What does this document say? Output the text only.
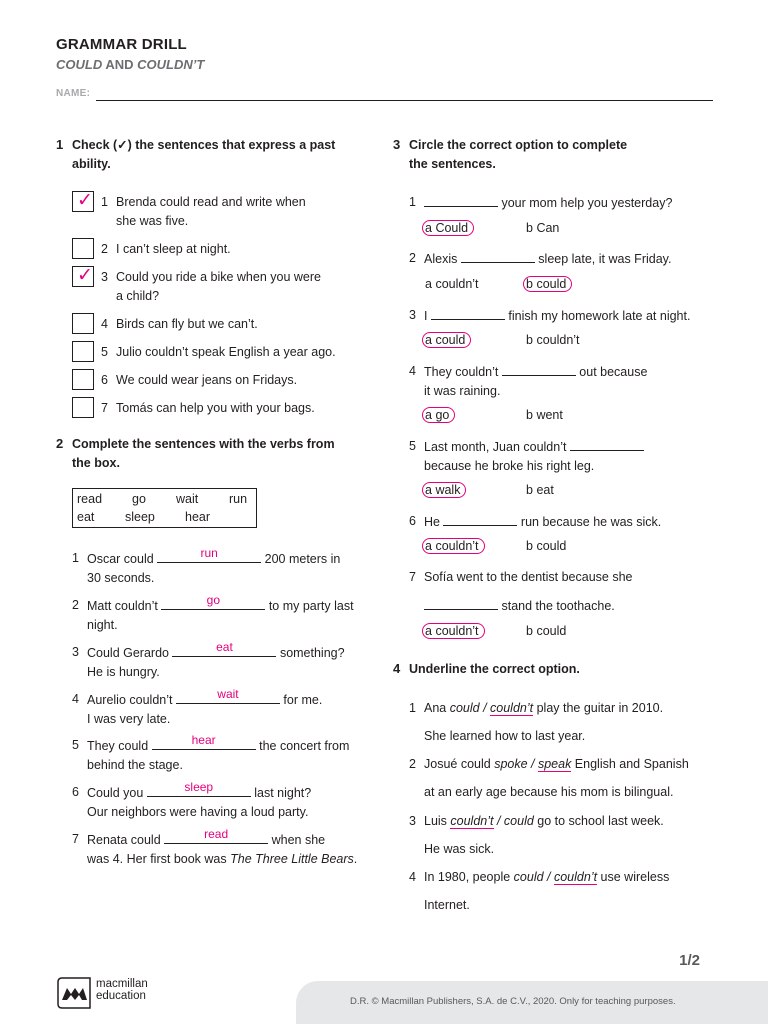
GRAMMAR DRILL
COULD AND COULDN’T
NAME:
1 Check (✓) the sentences that express a past
ability.
✓ 1 Brenda could read and write when
she was five.
2 I can’t sleep at night.
✓ 3 Could you ride a bike when you were
a child?
4 Birds can fly but we can’t.
5 Julio couldn’t speak English a year ago.
6 We could wear jeans on Fridays.
7 Tomás can help you with your bags.
2 Complete the sentences with the verbs from
the box.
read go wait run
eat sleep hear
1 Oscar could	run	200 meters in
30 seconds.
2 Matt couldn’t	go	to my party last
night.
3 Could Gerardo	eat	something?
He is hungry.
4 Aurelio couldn’t	wait	for me.
I was very late.
5 They could	hear	the concert from
behind the stage.
6 Could you	sleep	last night?
Our neighbors were having a loud party.
7 Renata could	read	when she
was 4. Her first book was The Three Little Bears.
3 Circle the correct option to complete
the sentences.
1	your mom help you yesterday?
a Could	b Can
2 Alexis	sleep late, it was Friday.
a couldn’t	b could
3 I	finish my homework late at night.
a could	b couldn’t
4 They couldn’t	out because
it was raining.
a go	b went
5 Last month, Juan couldn’t
because he broke his right leg.
a walk	b eat
6 He	run because he was sick.
a couldn’t	b could
7 Sofía went to the dentist because she
stand the toothache.
a couldn’t	b could
4 Underline the correct option.
1 Ana could / couldn’t play the guitar in 2010.
She learned how to last year.
2 Josué could spoke / speak English and Spanish
at an early age because his mom is bilingual.
3 Luis couldn’t / could go to school last week.
He was sick.
4 In 1980, people could / couldn’t use wireless
Internet.
1/2
D.R. © Macmillan Publishers, S.A. de C.V., 2020. Only for teaching purposes.
macmillan
education
